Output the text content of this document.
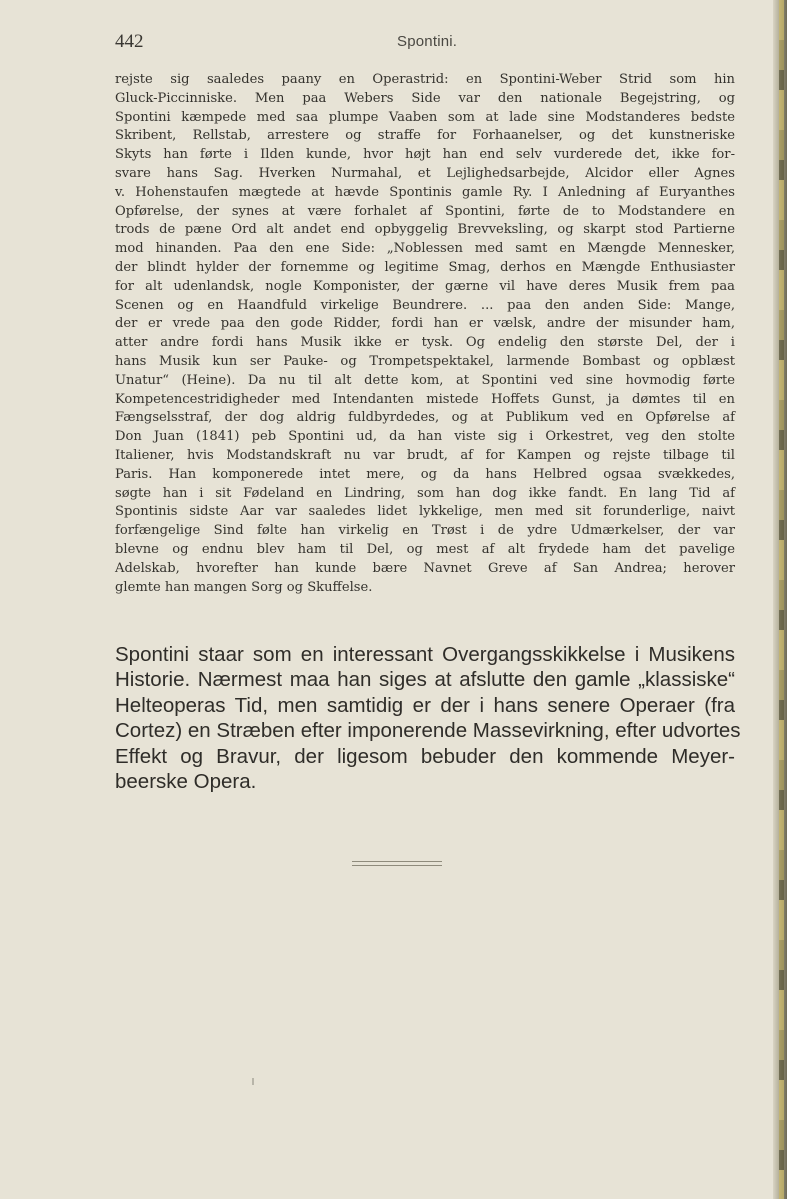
442	Spontini.
rejste sig saaledes paany en Operastrid: en Spontini-Weber Strid som hin
Gluck-Piccinniske. Men paa Webers Side var den nationale Begejstring, og
Spontini kæmpede med saa plumpe Vaaben som at lade sine Modstanderes bedste
Skribent, Rellstab, arrestere og straffe for Forhaanelser, og det kunstneriske
Skyts han førte i Ilden kunde, hvor højt han end selv vurderede det, ikke for-
svare hans Sag. Hverken Nurmahal, et Lejlighedsarbejde, Alcidor eller Agnes
v. Hohenstaufen mægtede at hævde Spontinis gamle Ry. I Anledning af Euryanthes
Opførelse, der synes at være forhalet af Spontini, førte de to Modstandere en
trods de pæne Ord alt andet end opbyggelig Brevveksling, og skarpt stod Partierne
mod hinanden. Paa den ene Side: „Noblessen med samt en Mængde Mennesker,
der blindt hylder der fornemme og legitime Smag, derhos en Mængde Enthusiaster
for alt udenlandsk, nogle Komponister, der gærne vil have deres Musik frem paa
Scenen og en Haandfuld virkelige Beundrere. ... paa den anden Side: Mange,
der er vrede paa den gode Ridder, fordi han er vælsk, andre der misunder ham,
atter andre fordi hans Musik ikke er tysk. Og endelig den største Del, der i
hans Musik kun ser Pauke- og Trompetspektakel, larmende Bombast og opblæst
Unatur“ (Heine). Da nu til alt dette kom, at Spontini ved sine hovmodig førte
Kompetencestridigheder med Intendanten mistede Hoffets Gunst, ja dømtes til en
Fængselsstraf, der dog aldrig fuldbyrdedes, og at Publikum ved en Opførelse af
Don Juan (1841) peb Spontini ud, da han viste sig i Orkestret, veg den stolte
Italiener, hvis Modstandskraft nu var brudt, af for Kampen og rejste tilbage til
Paris. Han komponerede intet mere, og da hans Helbred ogsaa svækkedes,
søgte han i sit Fødeland en Lindring, som han dog ikke fandt. En lang Tid af
Spontinis sidste Aar var saaledes lidet lykkelige, men med sit forunderlige, naivt
forfængelige Sind følte han virkelig en Trøst i de ydre Udmærkelser, der var
blevne og endnu blev ham til Del, og mest af alt frydede ham det pavelige
Adelskab, hvorefter han kunde bære Navnet Greve af San Andrea; herover
glemte han mangen Sorg og Skuffelse.
Spontini staar som en interessant Overgangsskikkelse i Musikens
Historie. Nærmest maa han siges at afslutte den gamle „klassiske“
Helteoperas Tid, men samtidig er der i hans senere Operaer (fra
Cortez) en Stræben efter imponerende Massevirkning, efter udvortes
Effekt og Bravur, der ligesom bebuder den kommende Meyer-
beerske Opera.
